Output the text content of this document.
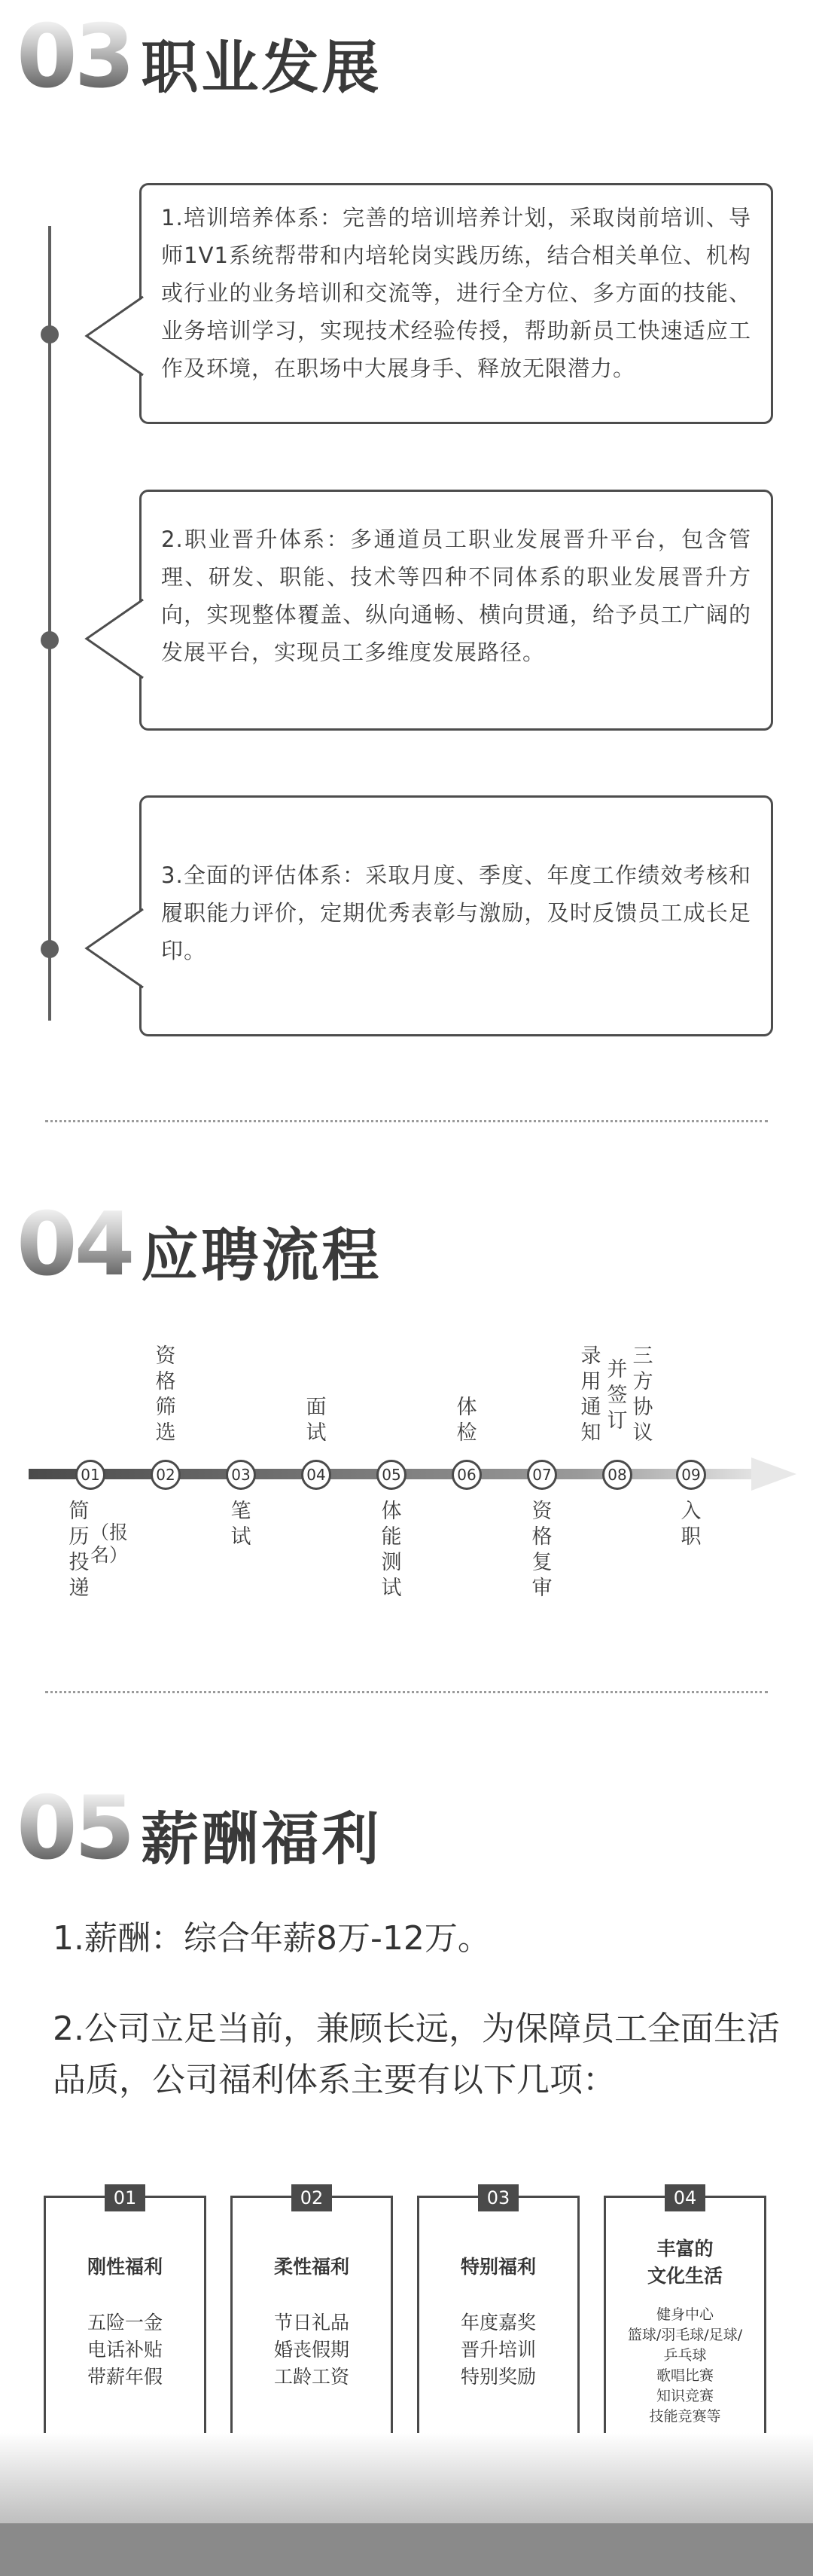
03 职业发展

1.培训培养体系：完善的培训培养计划，采取岗前培训、导师1V1系统帮带和内培轮岗实践历练，结合相关单位、机构或行业的业务培训和交流等，进行全方位、多方面的技能、业务培训学习，实现技术经验传授，帮助新员工快速适应工作及环境，在职场中大展身手、释放无限潜力。

2.职业晋升体系：多通道员工职业发展晋升平台，包含管理、研发、职能、技术等四种不同体系的职业发展晋升方向，实现整体覆盖、纵向通畅、横向贯通，给予员工广阔的发展平台，实现员工多维度发展路径。

3.全面的评估体系：采取月度、季度、年度工作绩效考核和履职能力评价，定期优秀表彰与激励，及时反馈员工成长足印。

04 应聘流程
01	02	03	04	05	06	07	08	09
资格筛选
面试
体检
录用通知
并签订
三方协议
简历投递
（报名）
笔试
体能测试
资格复审
入职
05 薪酬福利
1.薪酬：综合年薪8万-12万。
2.公司立足当前，兼顾长远，为保障员工全面生活品质，公司福利体系主要有以下几项：
01
刚性福利
五险一金
电话补贴
带薪年假
02
柔性福利
节日礼品
婚丧假期
工龄工资
03
特别福利
年度嘉奖
晋升培训
特别奖励
04
丰富的
文化生活
健身中心
篮球/羽毛球/足球/
乒乓球
歌唱比赛
知识竞赛
技能竞赛等
